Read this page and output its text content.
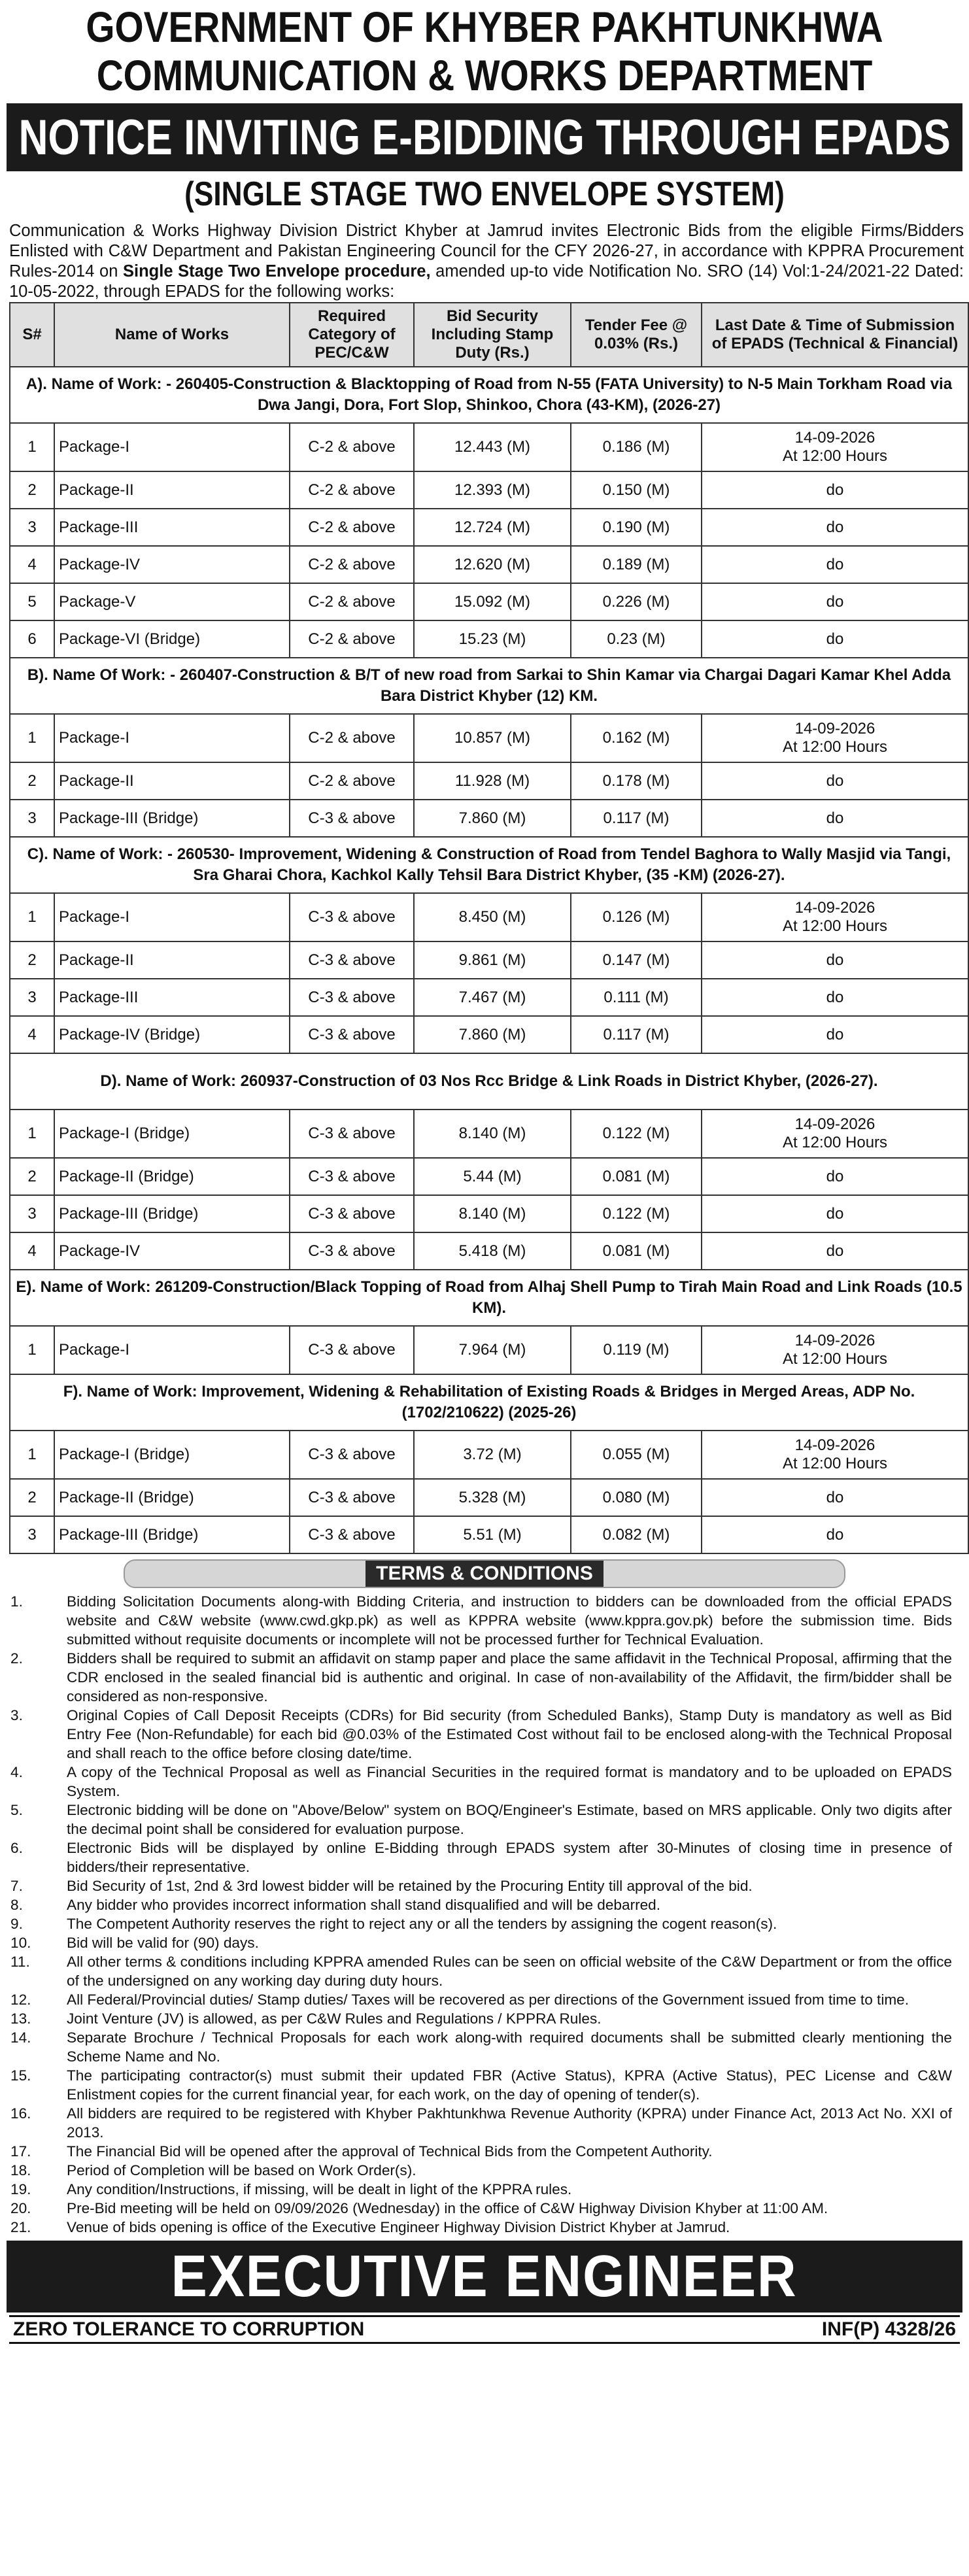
GOVERNMENT OF KHYBER PAKHTUNKHWA
COMMUNICATION & WORKS DEPARTMENT
NOTICE INVITING E-BIDDING THROUGH EPADS
(SINGLE STAGE TWO ENVELOPE SYSTEM)
Communication & Works Highway Division District Khyber at Jamrud invites Electronic Bids from the eligible Firms/Bidders Enlisted with C&W Department and Pakistan Engineering Council for the CFY 2026-27, in accordance with KPPRA Procurement Rules-2014 on Single Stage Two Envelope procedure, amended up-to vide Notification No. SRO (14) Vol:1-24/2021-22 Dated: 10-05-2022, through EPADS for the following works:
S#	Name of Works	Required Category of PEC/C&W	Bid Security Including Stamp Duty (Rs.)	Tender Fee @ 0.03% (Rs.)	Last Date & Time of Submission of EPADS (Technical & Financial)
A). Name of Work: - 260405-Construction & Blacktopping of Road from N-55 (FATA University) to N-5 Main Torkham Road via Dwa Jangi, Dora, Fort Slop, Shinkoo, Chora (43-KM), (2026-27)					
1	Package-I	C-2 & above	12.443 (M)	0.186 (M)	14-09-2026
At 12:00 Hours

2	Package-II	C-2 & above	12.393 (M)	0.150 (M)	do

3	Package-III	C-2 & above	12.724 (M)	0.190 (M)	do

4	Package-IV	C-2 & above	12.620 (M)	0.189 (M)	do

5	Package-V	C-2 & above	15.092 (M)	0.226 (M)	do

6	Package-VI (Bridge)	C-2 & above	15.23 (M)	0.23 (M)	do

B). Name Of Work: - 260407-Construction & B/T of new road from Sarkai to Shin Kamar via Chargai Dagari Kamar Khel Adda Bara District Khyber (12) KM.					
1	Package-I	C-2 & above	10.857 (M)	0.162 (M)	14-09-2026
At 12:00 Hours

2	Package-II	C-2 & above	11.928 (M)	0.178 (M)	do

3	Package-III (Bridge)	C-3 & above	7.860 (M)	0.117 (M)	do

C). Name of Work: - 260530- Improvement, Widening & Construction of Road from Tendel Baghora to Wally Masjid via Tangi, Sra Gharai Chora, Kachkol Kally Tehsil Bara District Khyber, (35 -KM) (2026-27).					
1	Package-I	C-3 & above	8.450 (M)	0.126 (M)	14-09-2026
At 12:00 Hours

2	Package-II	C-3 & above	9.861 (M)	0.147 (M)	do

3	Package-III	C-3 & above	7.467 (M)	0.111 (M)	do

4	Package-IV (Bridge)	C-3 & above	7.860 (M)	0.117 (M)	do

D). Name of Work: 260937-Construction of 03 Nos Rcc Bridge & Link Roads in District Khyber, (2026-27).					
1	Package-I (Bridge)	C-3 & above	8.140 (M)	0.122 (M)	14-09-2026
At 12:00 Hours

2	Package-II (Bridge)	C-3 & above	5.44 (M)	0.081 (M)	do

3	Package-III (Bridge)	C-3 & above	8.140 (M)	0.122 (M)	do

4	Package-IV	C-3 & above	5.418 (M)	0.081 (M)	do

E). Name of Work: 261209-Construction/Black Topping of Road from Alhaj Shell Pump to Tirah Main Road and Link Roads (10.5 KM).					
1	Package-I	C-3 & above	7.964 (M)	0.119 (M)	14-09-2026
At 12:00 Hours

F). Name of Work: Improvement, Widening & Rehabilitation of Existing Roads & Bridges in Merged Areas, ADP No. (1702/210622) (2025-26)					
1	Package-I (Bridge)	C-3 & above	3.72 (M)	0.055 (M)	14-09-2026
At 12:00 Hours

2	Package-II (Bridge)	C-3 & above	5.328 (M)	0.080 (M)	do

3	Package-III (Bridge)	C-3 & above	5.51 (M)	0.082 (M)	do
TERMS & CONDITIONS
1.	Bidding Solicitation Documents along-with Bidding Criteria, and instruction to bidders can be downloaded from the official EPADS website and C&W website (www.cwd.gkp.pk) as well as KPPRA website (www.kppra.gov.pk) before the submission time. Bids submitted without requisite documents or incomplete will not be processed further for Technical Evaluation.
2.	Bidders shall be required to submit an affidavit on stamp paper and place the same affidavit in the Technical Proposal, affirming that the CDR enclosed in the sealed financial bid is authentic and original. In case of non-availability of the Affidavit, the firm/bidder shall be considered as non-responsive.
3.	Original Copies of Call Deposit Receipts (CDRs) for Bid security (from Scheduled Banks), Stamp Duty is mandatory as well as Bid Entry Fee (Non-Refundable) for each bid @0.03% of the Estimated Cost without fail to be enclosed along-with the Technical Proposal and shall reach to the office before closing date/time.
4.	A copy of the Technical Proposal as well as Financial Securities in the required format is mandatory and to be uploaded on EPADS System.
5.	Electronic bidding will be done on "Above/Below" system on BOQ/Engineer's Estimate, based on MRS applicable. Only two digits after the decimal point shall be considered for evaluation purpose.
6.	Electronic Bids will be displayed by online E-Bidding through EPADS system after 30-Minutes of closing time in presence of bidders/their representative.
7.	Bid Security of 1st, 2nd & 3rd lowest bidder will be retained by the Procuring Entity till approval of the bid.
8.	Any bidder who provides incorrect information shall stand disqualified and will be debarred.
9.	The Competent Authority reserves the right to reject any or all the tenders by assigning the cogent reason(s).
10.	Bid will be valid for (90) days.
11.	All other terms & conditions including KPPRA amended Rules can be seen on official website of the C&W Department or from the office of the undersigned on any working day during duty hours.
12.	All Federal/Provincial duties/ Stamp duties/ Taxes will be recovered as per directions of the Government issued from time to time.
13.	Joint Venture (JV) is allowed, as per C&W Rules and Regulations / KPPRA Rules.
14.	Separate Brochure / Technical Proposals for each work along-with required documents shall be submitted clearly mentioning the Scheme Name and No.
15.	The participating contractor(s) must submit their updated FBR (Active Status), KPRA (Active Status), PEC License and C&W Enlistment copies for the current financial year, for each work, on the day of opening of tender(s).
16.	All bidders are required to be registered with Khyber Pakhtunkhwa Revenue Authority (KPRA) under Finance Act, 2013 Act No. XXI of 2013.
17.	The Financial Bid will be opened after the approval of Technical Bids from the Competent Authority.
18.	Period of Completion will be based on Work Order(s).
19.	Any condition/Instructions, if missing, will be dealt in light of the KPPRA rules.
20.	Pre-Bid meeting will be held on 09/09/2026 (Wednesday) in the office of C&W Highway Division Khyber at 11:00 AM.
21.	Venue of bids opening is office of the Executive Engineer Highway Division District Khyber at Jamrud.
EXECUTIVE ENGINEER
ZERO TOLERANCE TO CORRUPTION	INF(P) 4328/26
